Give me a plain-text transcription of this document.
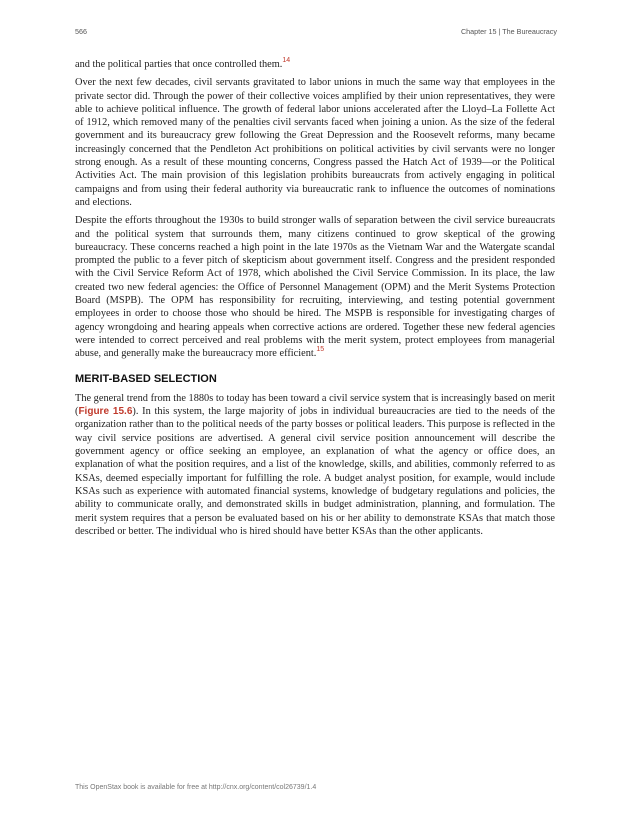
566	Chapter 15 | The Bureaucracy

and the political parties that once controlled them.$^{14}$

Over the next few decades, civil servants gravitated to labor unions in much the same way that employees in the private sector did. Through the power of their collective voices amplified by their union representatives, they were able to achieve political influence. The growth of federal labor unions accelerated after the Lloyd–La Follette Act of 1912, which removed many of the penalties civil servants faced when joining a union. As the size of the federal government and its bureaucracy grew following the Great Depression and the Roosevelt reforms, many became increasingly concerned that the Pendleton Act prohibitions on political activities by civil servants were no longer strong enough. As a result of these mounting concerns, Congress passed the Hatch Act of 1939—or the Political Activities Act. The main provision of this legislation prohibits bureaucrats from actively engaging in political campaigns and from using their federal authority via bureaucratic rank to influence the outcomes of nominations and elections.

Despite the efforts throughout the 1930s to build stronger walls of separation between the civil service bureaucrats and the political system that surrounds them, many citizens continued to grow skeptical of the growing bureaucracy. These concerns reached a high point in the late 1970s as the Vietnam War and the Watergate scandal prompted the public to a fever pitch of skepticism about government itself. Congress and the president responded with the Civil Service Reform Act of 1978, which abolished the Civil Service Commission. In its place, the law created two new federal agencies: the Office of Personnel Management (OPM) and the Merit Systems Protection Board (MSPB). The OPM has responsibility for recruiting, interviewing, and testing potential government employees in order to choose those who should be hired. The MSPB is responsible for investigating charges of agency wrongdoing and hearing appeals when corrective actions are ordered. Together these new federal agencies were intended to correct perceived and real problems with the merit system, protect employees from managerial abuse, and generally make the bureaucracy more efficient.$^{15}$

MERIT-BASED SELECTION

The general trend from the 1880s to today has been toward a civil service system that is increasingly based on merit (Figure 15.6). In this system, the large majority of jobs in individual bureaucracies are tied to the needs of the organization rather than to the political needs of the party bosses or political leaders. This purpose is reflected in the way civil service positions are advertised. A general civil service position announcement will describe the government agency or office seeking an employee, an explanation of what the agency or office does, an explanation of what the position requires, and a list of the knowledge, skills, and abilities, commonly referred to as KSAs, deemed especially important for fulfilling the role. A budget analyst position, for example, would include KSAs such as experience with automated financial systems, knowledge of budgetary regulations and policies, the ability to communicate orally, and demonstrated skills in budget administration, planning, and formulation. The merit system requires that a person be evaluated based on his or her ability to demonstrate KSAs that match those described or better. The individual who is hired should have better KSAs than the other applicants.

This OpenStax book is available for free at http://cnx.org/content/col26739/1.4
